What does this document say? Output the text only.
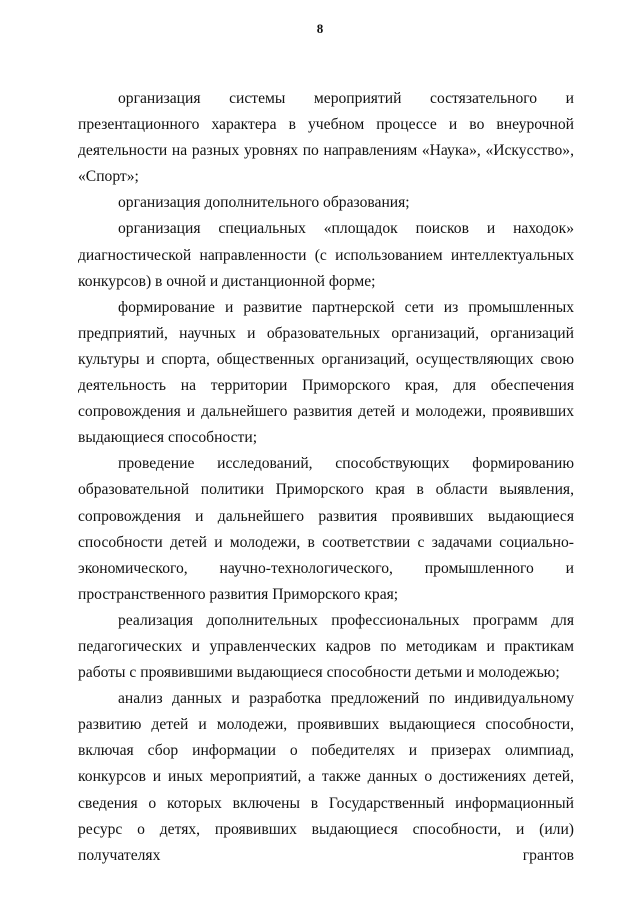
8

организация системы мероприятий состязательного и презентационного характера в учебном процессе и во внеурочной деятельности на разных уровнях по направлениям «Наука», «Искусство», «Спорт»;

организация дополнительного образования;

организация специальных «площадок поисков и находок» диагностической направленности (с использованием интеллектуальных конкурсов) в очной и дистанционной форме;

формирование и развитие партнерской сети из промышленных предприятий, научных и образовательных организаций, организаций культуры и спорта, общественных организаций, осуществляющих свою деятельность на территории Приморского края, для обеспечения сопровождения и дальнейшего развития детей и молодежи, проявивших выдающиеся способности;

проведение исследований, способствующих формированию образовательной политики Приморского края в области выявления, сопровождения и дальнейшего развития проявивших выдающиеся способности детей и молодежи, в соответствии с задачами социально-экономического, научно-технологического, промышленного и пространственного развития Приморского края;

реализация дополнительных профессиональных программ для педагогических и управленческих кадров по методикам и практикам работы с проявившими выдающиеся способности детьми и молодежью;

анализ данных и разработка предложений по индивидуальному развитию детей и молодежи, проявивших выдающиеся способности, включая сбор информации о победителях и призерах олимпиад, конкурсов и иных мероприятий, а также данных о достижениях детей, сведения о которых включены в Государственный информационный ресурс о детях, проявивших выдающиеся способности, и (или) получателях грантов
